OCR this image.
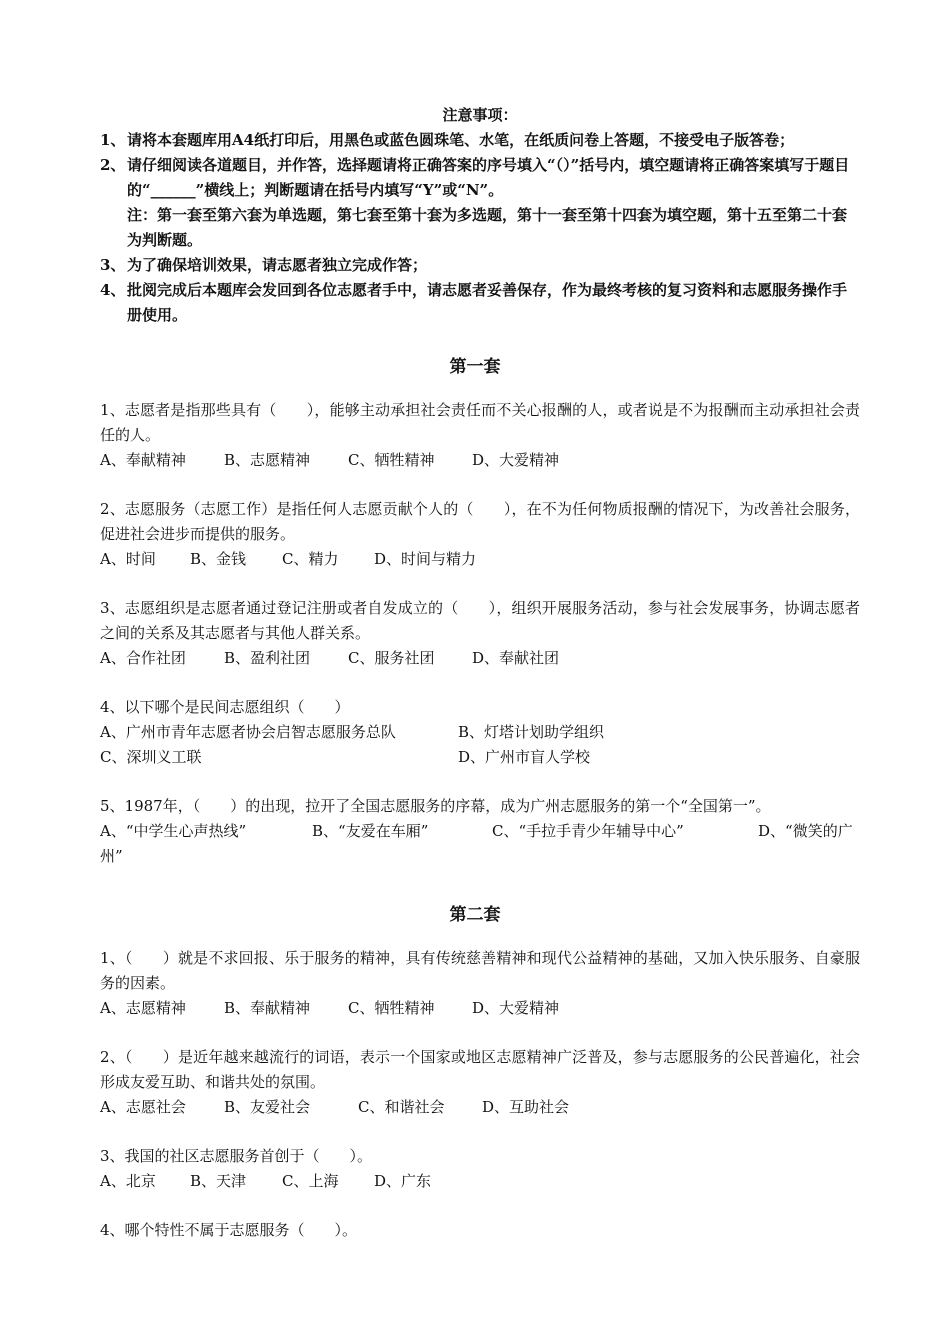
注意事项：
1、 请将本套题库用A4纸打印后，用黑色或蓝色圆珠笔、水笔，在纸质问卷上答题，不接受电子版答卷；
2、 请仔细阅读各道题目，并作答，选择题请将正确答案的序号填入“（）”括号内，填空题请将正确答案填写于题目的“______”横线上；判断题请在括号内填写“Y”或“N”。
注：第一套至第六套为单选题，第七套至第十套为多选题，第十一套至第十四套为填空题，第十五至第二十套为判断题。
3、 为了确保培训效果，请志愿者独立完成作答；
4、 批阅完成后本题库会发回到各位志愿者手中，请志愿者妥善保存，作为最终考核的复习资料和志愿服务操作手册使用。
第一套
1、志愿者是指那些具有（　　），能够主动承担社会责任而不关心报酬的人，或者说是不为报酬而主动承担社会责任的人。
A、奉献精神	B、志愿精神	C、牺牲精神	D、大爱精神
2、志愿服务（志愿工作）是指任何人志愿贡献个人的（　　），在不为任何物质报酬的情况下，为改善社会服务，促进社会进步而提供的服务。
A、时间 B、金钱 C、精力 D、时间与精力
3、志愿组织是志愿者通过登记注册或者自发成立的（　　），组织开展服务活动，参与社会发展事务，协调志愿者之间的关系及其志愿者与其他人群关系。
A、合作社团	B、盈利社团	C、服务社团	D、奉献社团
4、以下哪个是民间志愿组织（　　）
A、广州市青年志愿者协会启智志愿服务总队	B、灯塔计划助学组织
C、深圳义工联	D、广州市盲人学校
5、1987年，（　　）的出现，拉开了全国志愿服务的序幕，成为广州志愿服务的第一个“全国第一”。
A、“中学生心声热线”	B、“友爱在车厢”	C、“手拉手青少年辅导中心”	D、“微笑的广州”
第二套
1、（　　）就是不求回报、乐于服务的精神，具有传统慈善精神和现代公益精神的基础，又加入快乐服务、自豪服务的因素。
A、志愿精神	B、奉献精神	C、牺牲精神	D、大爱精神
2、（　　）是近年越来越流行的词语，表示一个国家或地区志愿精神广泛普及，参与志愿服务的公民普遍化，社会形成友爱互助、和谐共处的氛围。
A、志愿社会	B、友爱社会	C、和谐社会	D、互助社会
3、我国的社区志愿服务首创于（　　）。
A、北京 B、天津 C、上海 D、广东
4、哪个特性不属于志愿服务（　　）。
